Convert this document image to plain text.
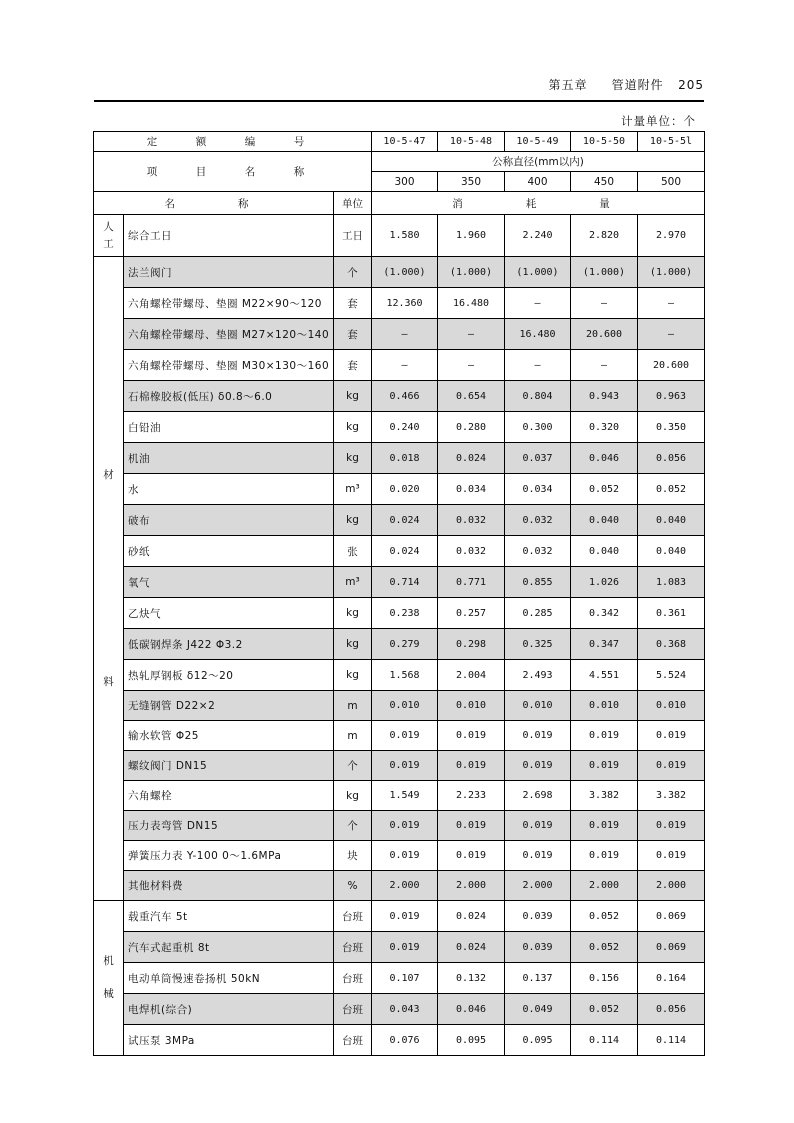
第五章 管道附件 205
计量单位：个
定　额　编　号			10-5-47	10-5-48	10-5-49	10-5-50	10-5-5l
项　目　名　称			公称直径(mm以内)				
			300	350	400	450	500
名　　称		单位	消　　耗　　量				
人工	综合工日	工日	1.580	1.960	2.240	2.820	2.970

材
料	法兰阀门	个	(1.000)	(1.000)	(1.000)	(1.000)	(1.000)
	六角螺栓带螺母、垫圈 M22×90～120	套	12.360	16.480	—	—	—
	六角螺栓带螺母、垫圈 M27×120～140	套	—	—	16.480	20.600	—
	六角螺栓带螺母、垫圈 M30×130～160	套	—	—	—	—	20.600
	石棉橡胶板(低压) δ0.8～6.0	kg	0.466	0.654	0.804	0.943	0.963
	白铅油	kg	0.240	0.280	0.300	0.320	0.350
	机油	kg	0.018	0.024	0.037	0.046	0.056
	水	m³	0.020	0.034	0.034	0.052	0.052
	破布	kg	0.024	0.032	0.032	0.040	0.040
	砂纸	张	0.024	0.032	0.032	0.040	0.040
	氧气	m³	0.714	0.771	0.855	1.026	1.083
	乙炔气	kg	0.238	0.257	0.285	0.342	0.361
	低碳钢焊条 J422 Φ3.2	kg	0.279	0.298	0.325	0.347	0.368
	热轧厚钢板 δ12～20	kg	1.568	2.004	2.493	4.551	5.524
	无缝钢管 D22×2	m	0.010	0.010	0.010	0.010	0.010
	输水软管 Φ25	m	0.019	0.019	0.019	0.019	0.019
	螺纹阀门 DN15	个	0.019	0.019	0.019	0.019	0.019
	六角螺栓	kg	1.549	2.233	2.698	3.382	3.382
	压力表弯管 DN15	个	0.019	0.019	0.019	0.019	0.019
	弹簧压力表 Y-100 0～1.6MPa	块	0.019	0.019	0.019	0.019	0.019
	其他材料费	%	2.000	2.000	2.000	2.000	2.000

机
械	载重汽车 5t	台班	0.019	0.024	0.039	0.052	0.069
	汽车式起重机 8t	台班	0.019	0.024	0.039	0.052	0.069
	电动单筒慢速卷扬机 50kN	台班	0.107	0.132	0.137	0.156	0.164
	电焊机(综合)	台班	0.043	0.046	0.049	0.052	0.056
	试压泵 3MPa	台班	0.076	0.095	0.095	0.114	0.114
